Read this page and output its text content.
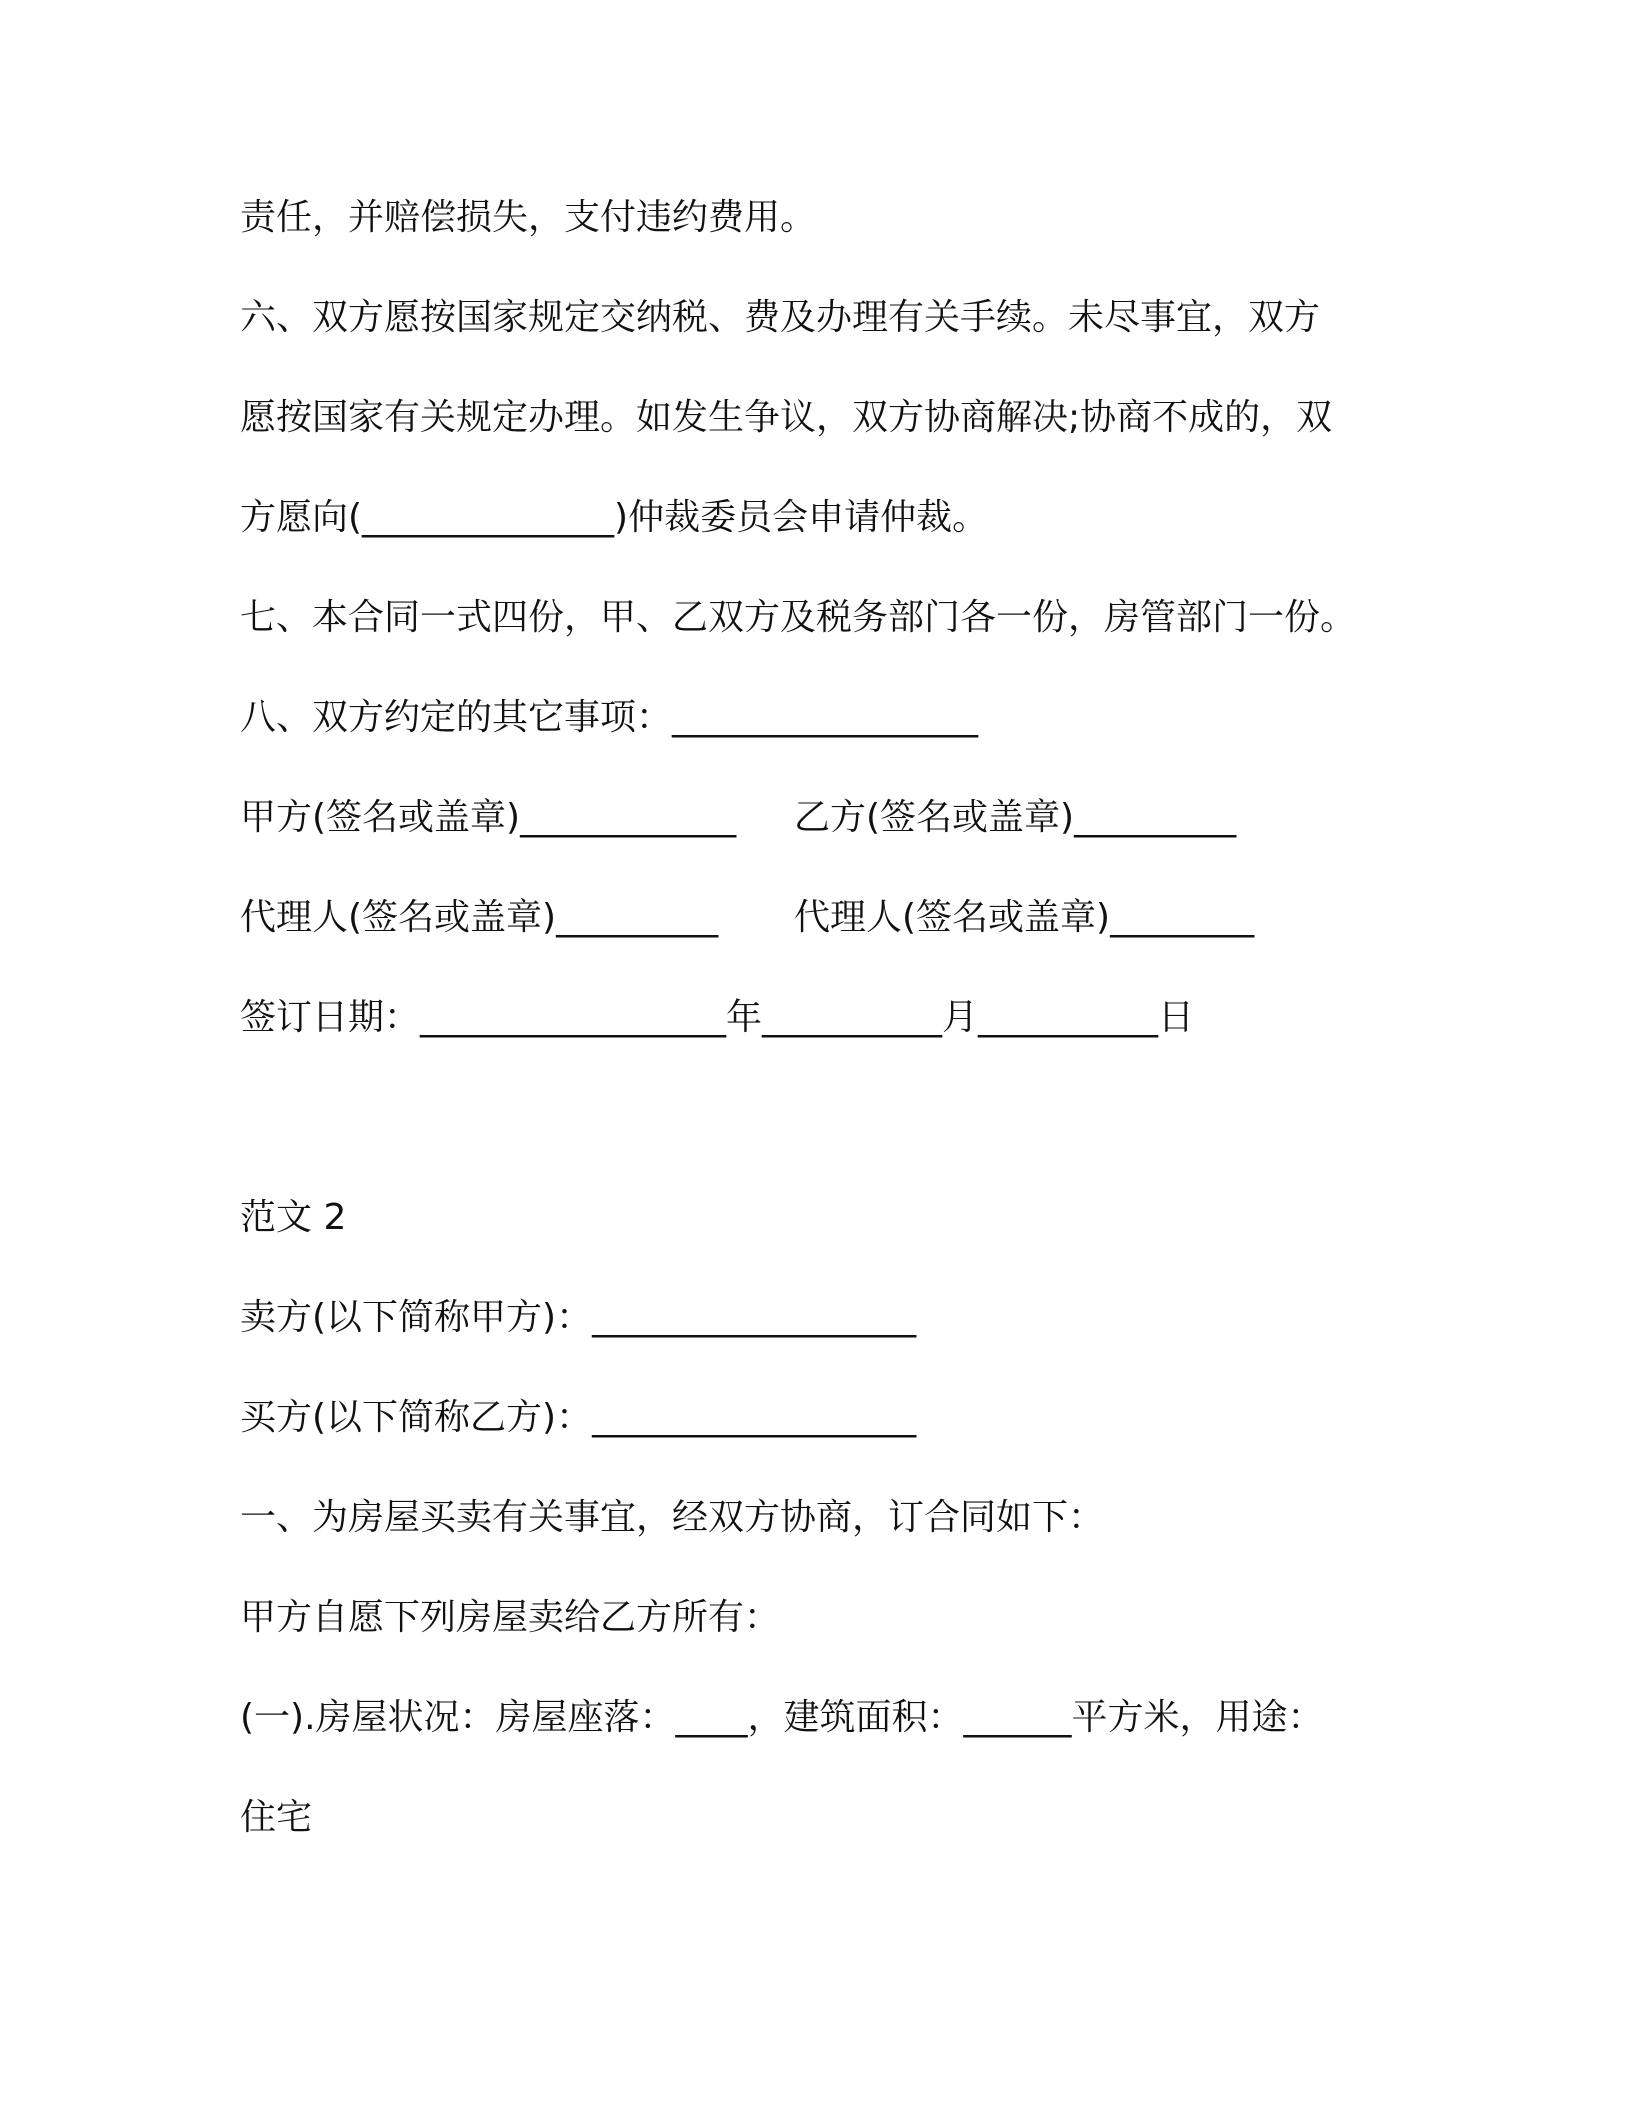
责任，并赔偿损失，支付违约费用。
六、双方愿按国家规定交纳税、费及办理有关手续。未尽事宜，双方
愿按国家有关规定办理。如发生争议，双方协商解决;协商不成的，双
方愿向(______________)仲裁委员会申请仲裁。
七、本合同一式四份，甲、乙双方及税务部门各一份，房管部门一份。
八、双方约定的其它事项：_________________
甲方(签名或盖章)____________ 乙方(签名或盖章)_________
代理人(签名或盖章)_________ 代理人(签名或盖章)________
签订日期：_________________年__________月__________日
范文 2
卖方(以下简称甲方)：__________________
买方(以下简称乙方)：__________________
一、为房屋买卖有关事宜，经双方协商，订合同如下：
甲方自愿下列房屋卖给乙方所有：
(一).房屋状况：房屋座落：____，建筑面积：______平方米，用途：
住宅
